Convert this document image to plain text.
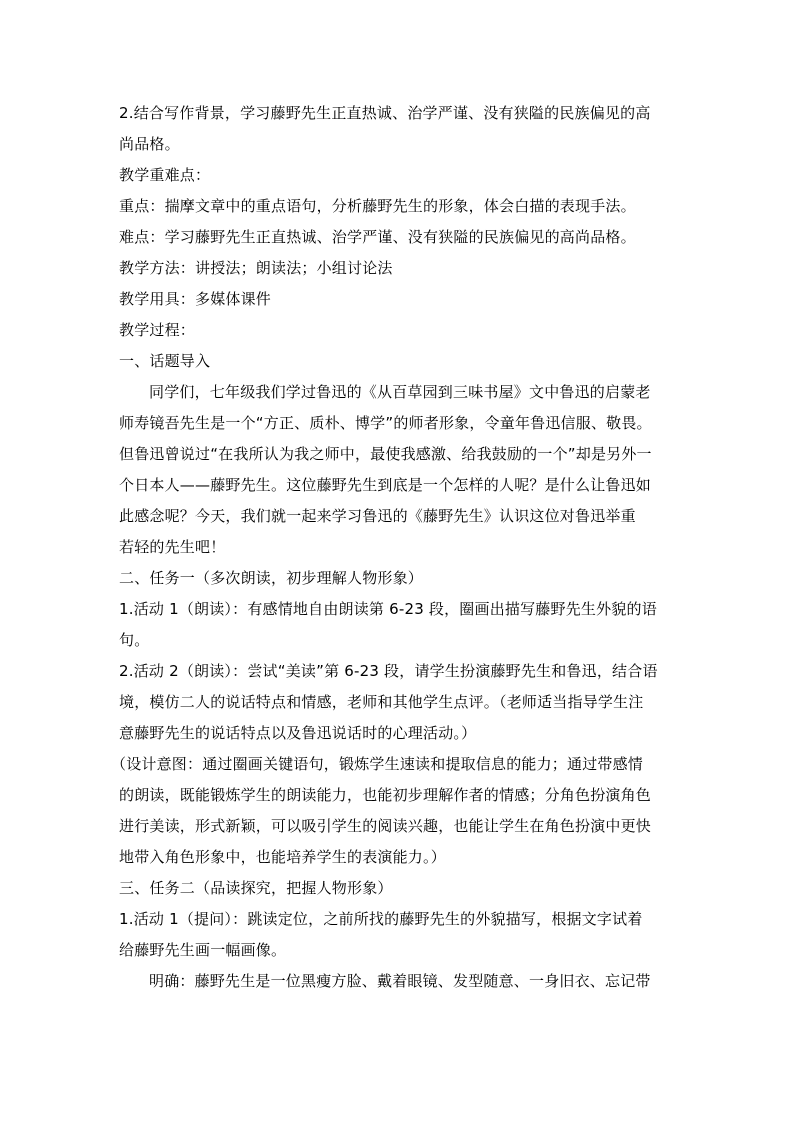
2.结合写作背景，学习藤野先生正直热诚、治学严谨、没有狭隘的民族偏见的高
尚品格。
教学重难点：
重点：揣摩文章中的重点语句，分析藤野先生的形象，体会白描的表现手法。
难点：学习藤野先生正直热诚、治学严谨、没有狭隘的民族偏见的高尚品格。
教学方法：讲授法；朗读法；小组讨论法
教学用具：多媒体课件
教学过程：
一、话题导入
同学们，七年级我们学过鲁迅的《从百草园到三味书屋》文中鲁迅的启蒙老
师寿镜吾先生是一个“方正、质朴、博学”的师者形象，令童年鲁迅信服、敬畏。
但鲁迅曾说过“在我所认为我之师中，最使我感激、给我鼓励的一个”却是另外一
个日本人——藤野先生。这位藤野先生到底是一个怎样的人呢？是什么让鲁迅如
此感念呢？今天，我们就一起来学习鲁迅的《藤野先生》认识这位对鲁迅举重
若轻的先生吧！
二、任务一（多次朗读，初步理解人物形象）
1.活动 1（朗读）：有感情地自由朗读第 6-23 段，圈画出描写藤野先生外貌的语
句。
2.活动 2（朗读）：尝试“美读”第 6-23 段，请学生扮演藤野先生和鲁迅，结合语
境，模仿二人的说话特点和情感，老师和其他学生点评。（老师适当指导学生注
意藤野先生的说话特点以及鲁迅说话时的心理活动。）
（设计意图：通过圈画关键语句，锻炼学生速读和提取信息的能力；通过带感情
的朗读，既能锻炼学生的朗读能力，也能初步理解作者的情感；分角色扮演角色
进行美读，形式新颖，可以吸引学生的阅读兴趣，也能让学生在角色扮演中更快
地带入角色形象中，也能培养学生的表演能力。）
三、任务二（品读探究，把握人物形象）
1.活动 1（提问）：跳读定位，之前所找的藤野先生的外貌描写，根据文字试着
给藤野先生画一幅画像。
明确：藤野先生是一位黑瘦方脸、戴着眼镜、发型随意、一身旧衣、忘记带
